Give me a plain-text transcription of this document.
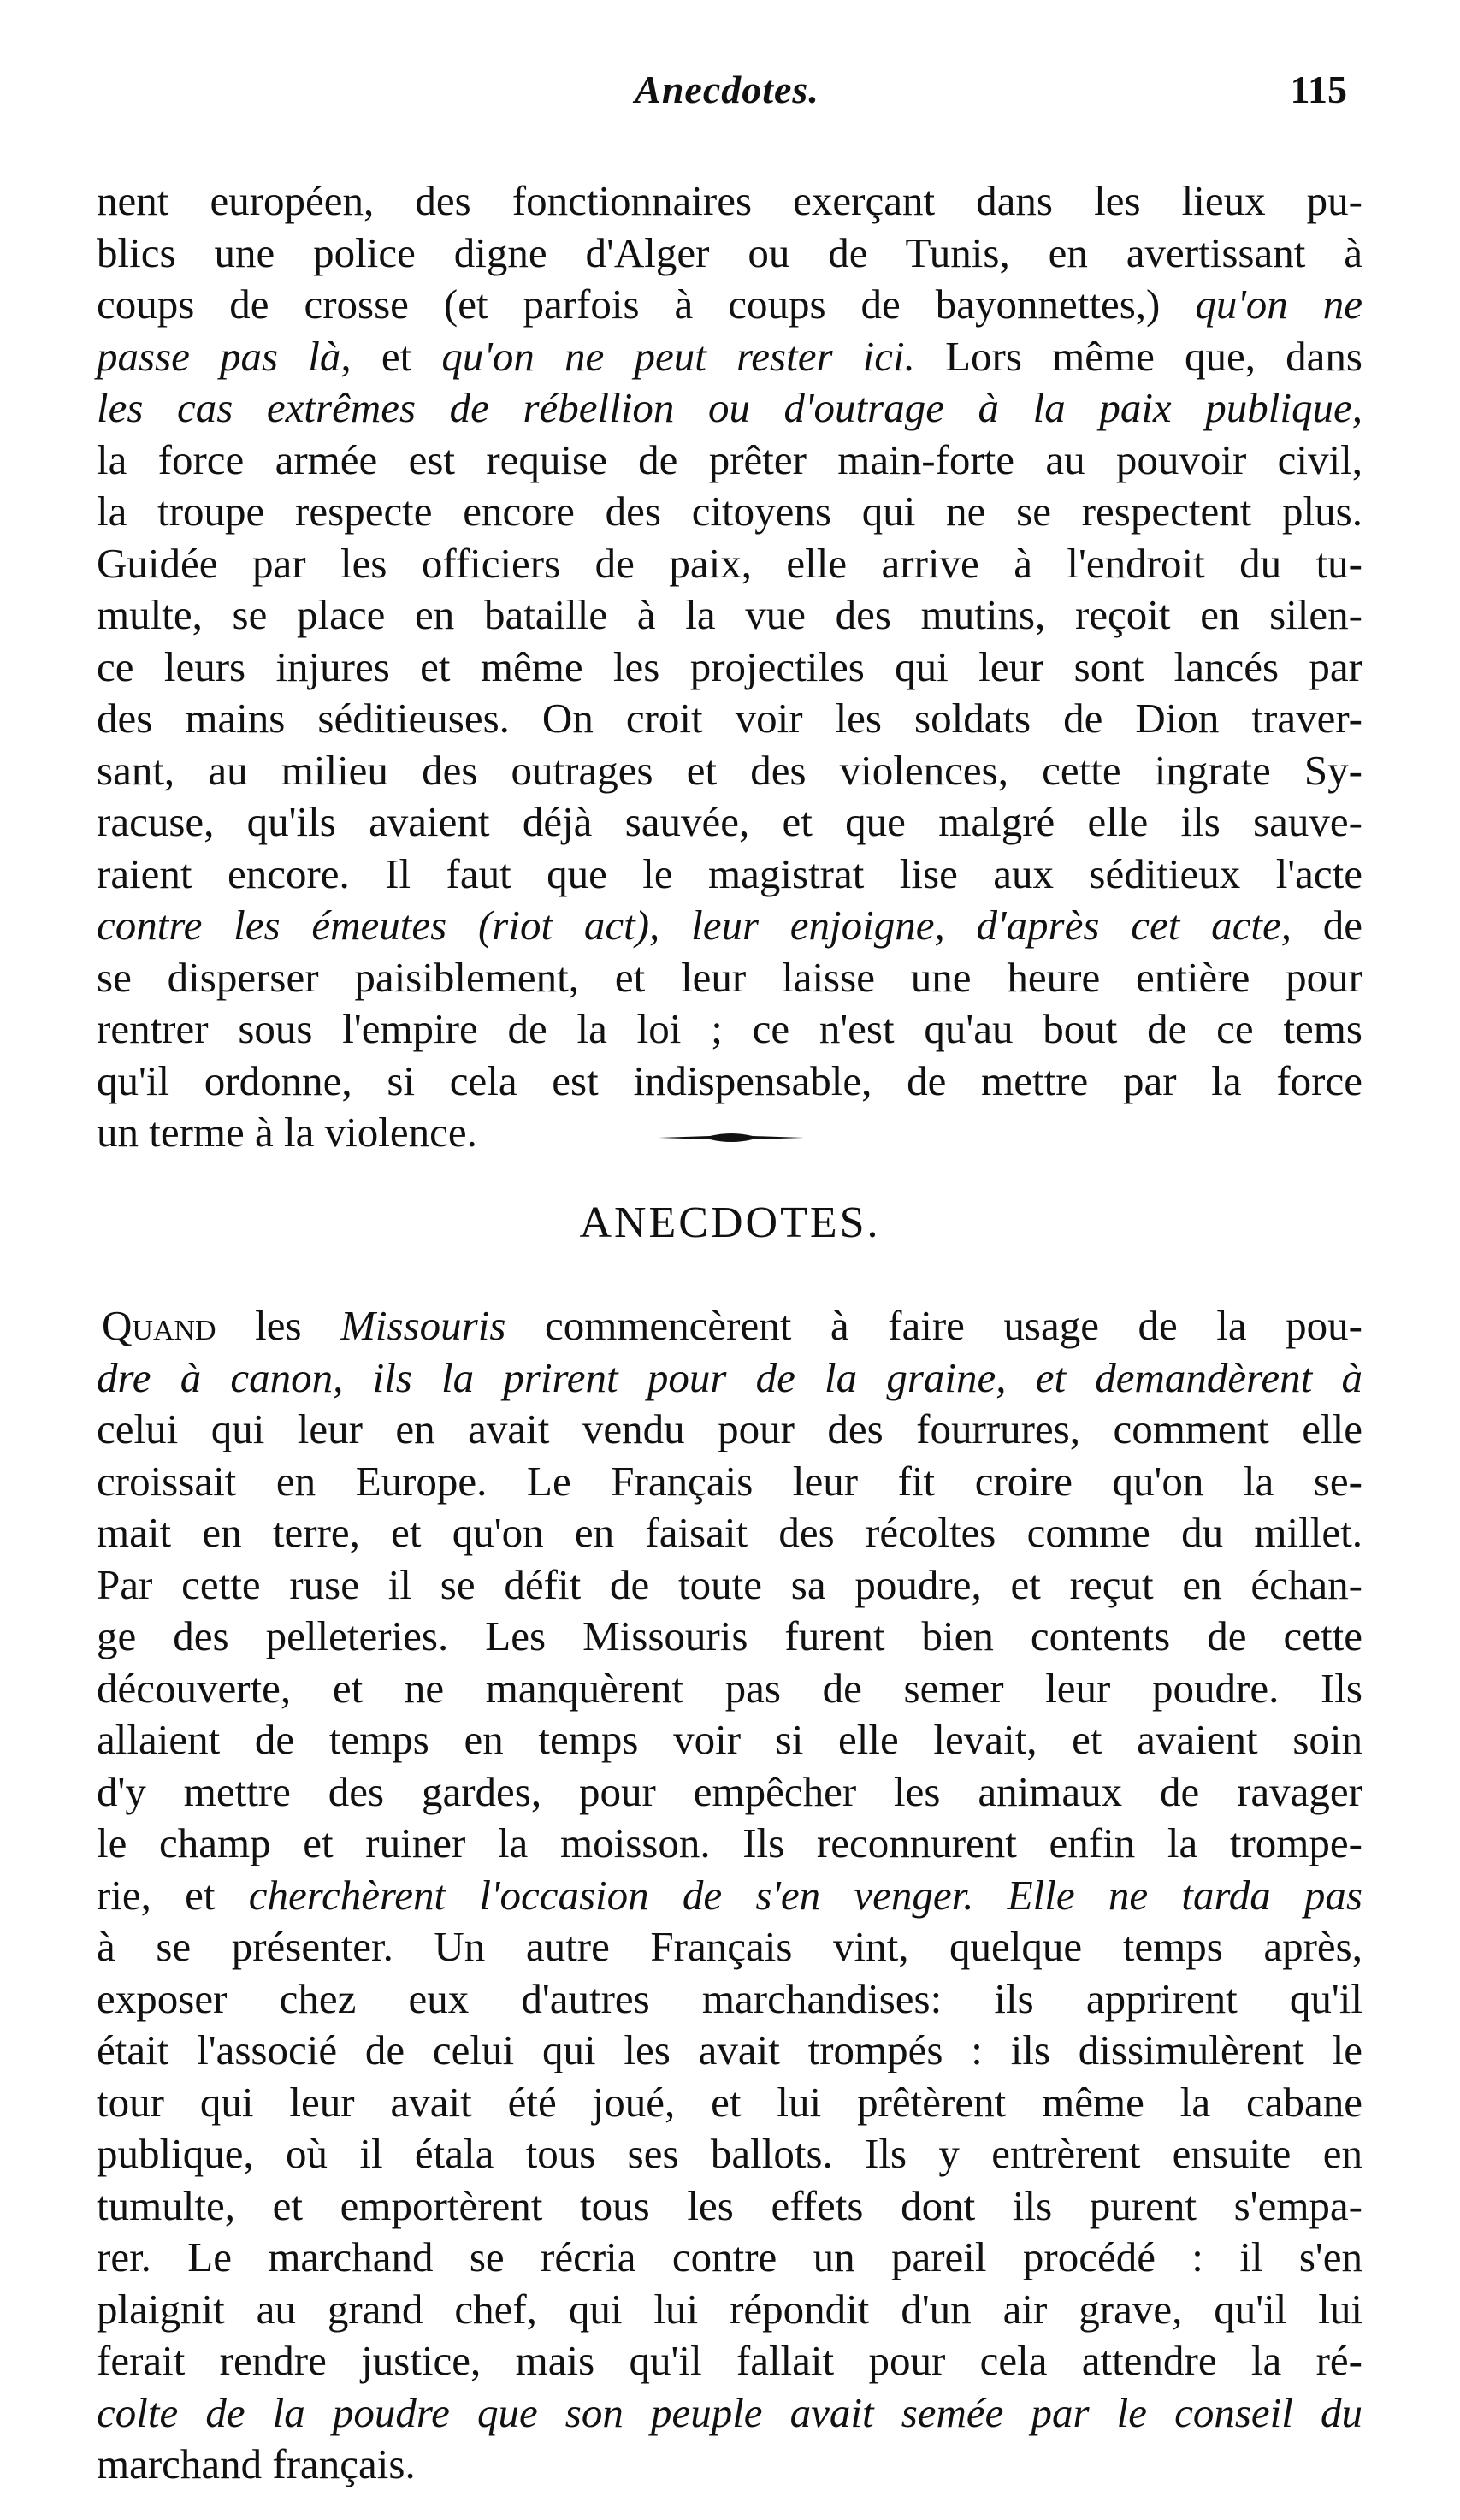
Anecdotes.	115
nent européen, des fonctionnaires exerçant dans les lieux pu-
blics une police digne d'Alger ou de Tunis, en avertissant à
coups de crosse (et parfois à coups de bayonnettes,) qu'on ne
passe pas là, et qu'on ne peut rester ici. Lors même que, dans
les cas extrêmes de rébellion ou d'outrage à la paix publique,
la force armée est requise de prêter main-forte au pouvoir civil,
la troupe respecte encore des citoyens qui ne se respectent plus.
Guidée par les officiers de paix, elle arrive à l'endroit du tu-
multe, se place en bataille à la vue des mutins, reçoit en silen-
ce leurs injures et même les projectiles qui leur sont lancés par
des mains séditieuses. On croit voir les soldats de Dion traver-
sant, au milieu des outrages et des violences, cette ingrate Sy-
racuse, qu'ils avaient déjà sauvée, et que malgré elle ils sauve-
raient encore. Il faut que le magistrat lise aux séditieux l'acte
contre les émeutes (riot act), leur enjoigne, d'après cet acte, de
se disperser paisiblement, et leur laisse une heure entière pour
rentrer sous l'empire de la loi ; ce n'est qu'au bout de ce tems
qu'il ordonne, si cela est indispensable, de mettre par la force
un terme à la violence.
ANECDOTES.
Quand les Missouris commencèrent à faire usage de la pou-
dre à canon, ils la prirent pour de la graine, et demandèrent à
celui qui leur en avait vendu pour des fourrures, comment elle
croissait en Europe. Le Français leur fit croire qu'on la se-
mait en terre, et qu'on en faisait des récoltes comme du millet.
Par cette ruse il se défit de toute sa poudre, et reçut en échan-
ge des pelleteries. Les Missouris furent bien contents de cette
découverte, et ne manquèrent pas de semer leur poudre. Ils
allaient de temps en temps voir si elle levait, et avaient soin
d'y mettre des gardes, pour empêcher les animaux de ravager
le champ et ruiner la moisson. Ils reconnurent enfin la trompe-
rie, et cherchèrent l'occasion de s'en venger. Elle ne tarda pas
à se présenter. Un autre Français vint, quelque temps après,
exposer chez eux d'autres marchandises: ils apprirent qu'il
était l'associé de celui qui les avait trompés : ils dissimulèrent le
tour qui leur avait été joué, et lui prêtèrent même la cabane
publique, où il étala tous ses ballots. Ils y entrèrent ensuite en
tumulte, et emportèrent tous les effets dont ils purent s'empa-
rer. Le marchand se récria contre un pareil procédé : il s'en
plaignit au grand chef, qui lui répondit d'un air grave, qu'il lui
ferait rendre justice, mais qu'il fallait pour cela attendre la ré-
colte de la poudre que son peuple avait semée par le conseil du
marchand français.
